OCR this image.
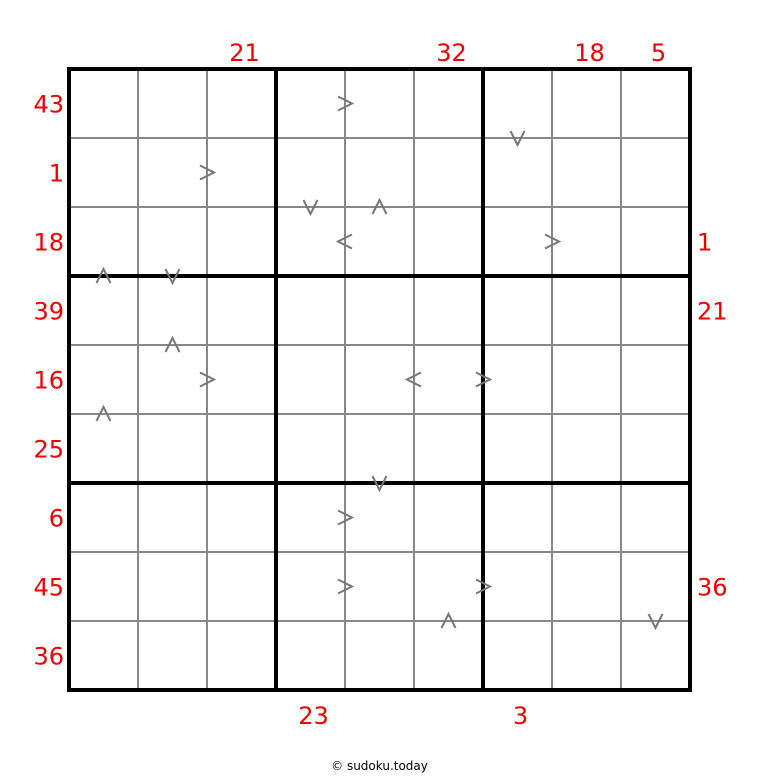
21
23
32
3
18 5
43
1
18	1
39	21
16
25
6
45	36
36
© sudoku.today
